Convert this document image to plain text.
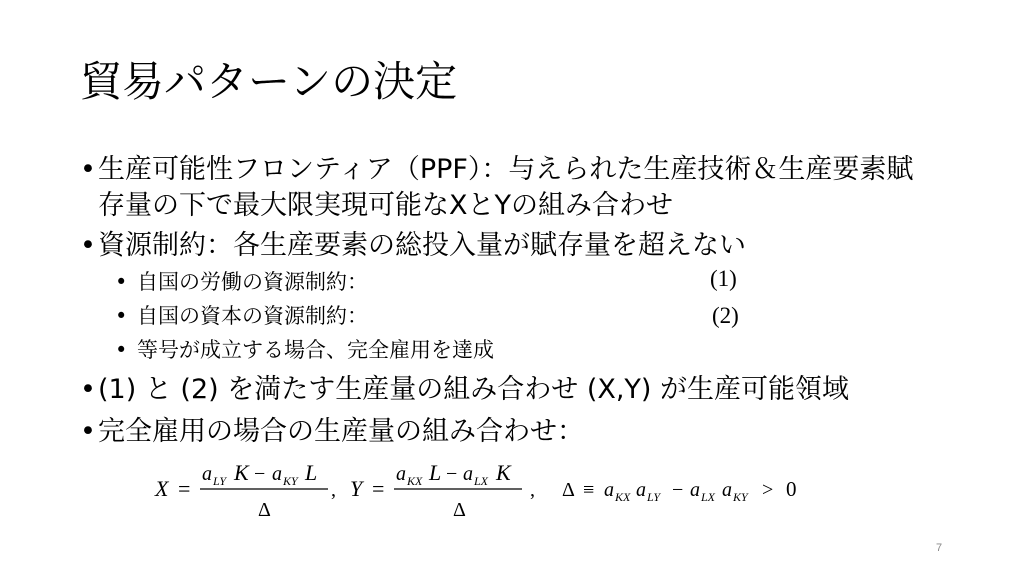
貿易パターンの決定
• 生産可能性フロンティア（PPF）：与えられた生産技術＆生産要素賦
存量の下で最大限実現可能なXとYの組み合わせ
• 資源制約：各生産要素の総投入量が賦存量を超えない
• 自国の労働の資源制約：	(1)
• 自国の資本の資源制約：	(2)
• 等号が成立する場合、完全雇用を達成
• (1) と (2) を満たす生産量の組み合わせ (X,Y) が生産可能領域
• 完全雇用の場合の生産量の組み合わせ：
X =
a LY K − a KY L
Δ
, Y =
a KX L − a LX K
Δ
, Δ ≡ a KX a LY − a LX a KY > 0
7
